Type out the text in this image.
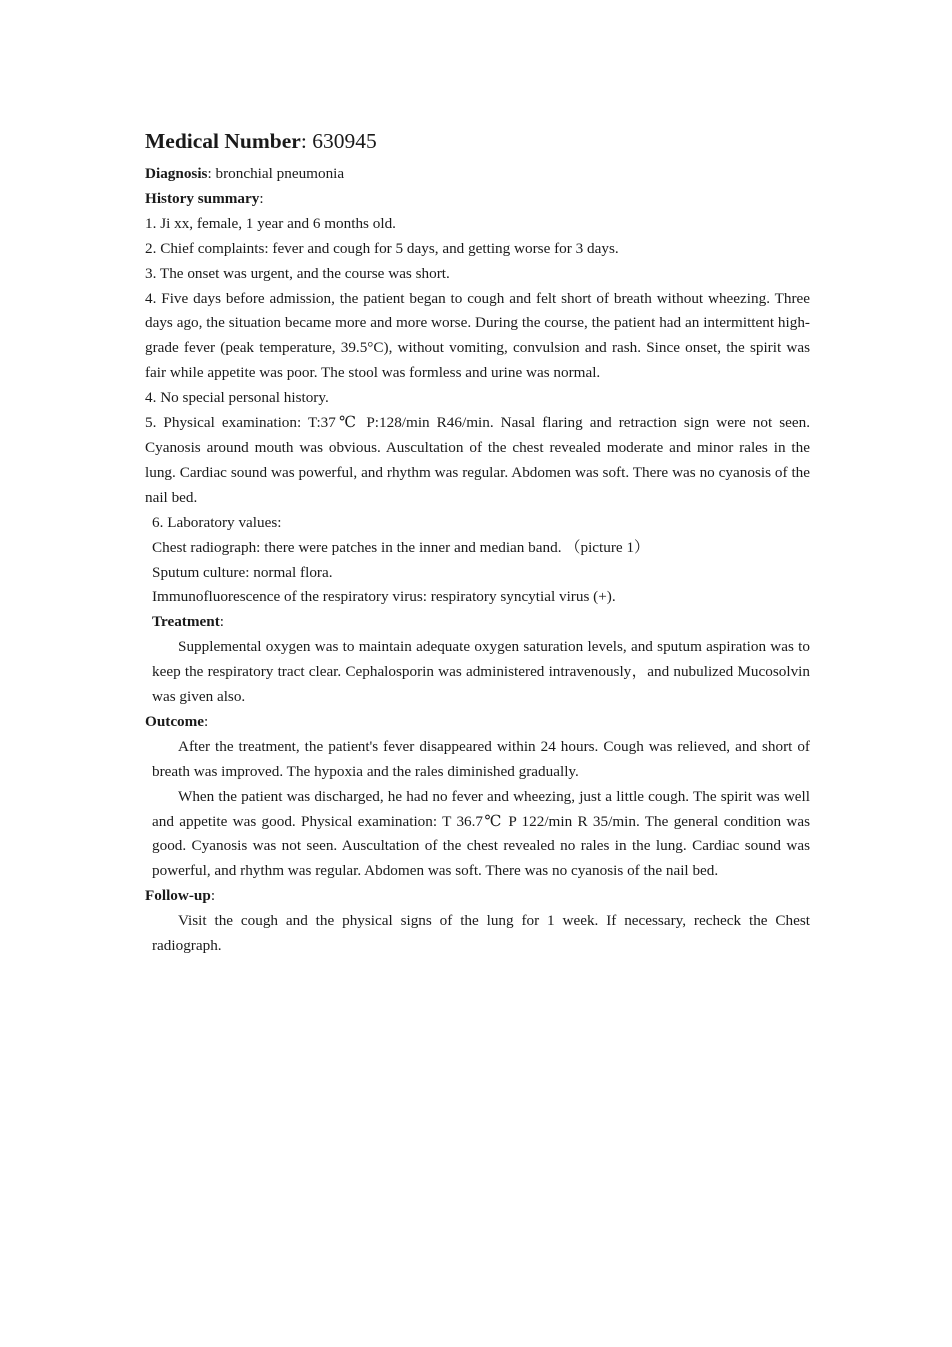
Medical Number: 630945

Diagnosis: bronchial pneumonia

History summary:

1. Ji xx, female, 1 year and 6 months old.

2. Chief complaints: fever and cough for 5 days, and getting worse for 3 days.

3. The onset was urgent, and the course was short.

4. Five days before admission, the patient began to cough and felt short of breath without wheezing. Three days ago, the situation became more and more worse. During the course, the patient had an intermittent high-grade fever (peak temperature, 39.5°C), without vomiting, convulsion and rash. Since onset, the spirit was fair while appetite was poor. The stool was formless and urine was normal.

4. No special personal history.

5. Physical examination: T:37℃ P:128/min R46/min. Nasal flaring and retraction sign were not seen. Cyanosis around mouth was obvious. Auscultation of the chest revealed moderate and minor rales in the lung. Cardiac sound was powerful, and rhythm was regular. Abdomen was soft. There was no cyanosis of the nail bed.

6. Laboratory values:

Chest radiograph: there were patches in the inner and median band. （picture 1）

Sputum culture: normal flora.

Immunofluorescence of the respiratory virus: respiratory syncytial virus (+).

Treatment:

Supplemental oxygen was to maintain adequate oxygen saturation levels, and sputum aspiration was to keep the respiratory tract clear. Cephalosporin was administered intravenously，and nubulized Mucosolvin was given also.

Outcome:

After the treatment, the patient's fever disappeared within 24 hours. Cough was relieved, and short of breath was improved. The hypoxia and the rales diminished gradually.

When the patient was discharged, he had no fever and wheezing, just a little cough. The spirit was well and appetite was good. Physical examination: T 36.7℃ P 122/min R 35/min. The general condition was good. Cyanosis was not seen. Auscultation of the chest revealed no rales in the lung. Cardiac sound was powerful, and rhythm was regular. Abdomen was soft. There was no cyanosis of the nail bed.

Follow-up:

Visit the cough and the physical signs of the lung for 1 week. If necessary, recheck the Chest radiograph.
